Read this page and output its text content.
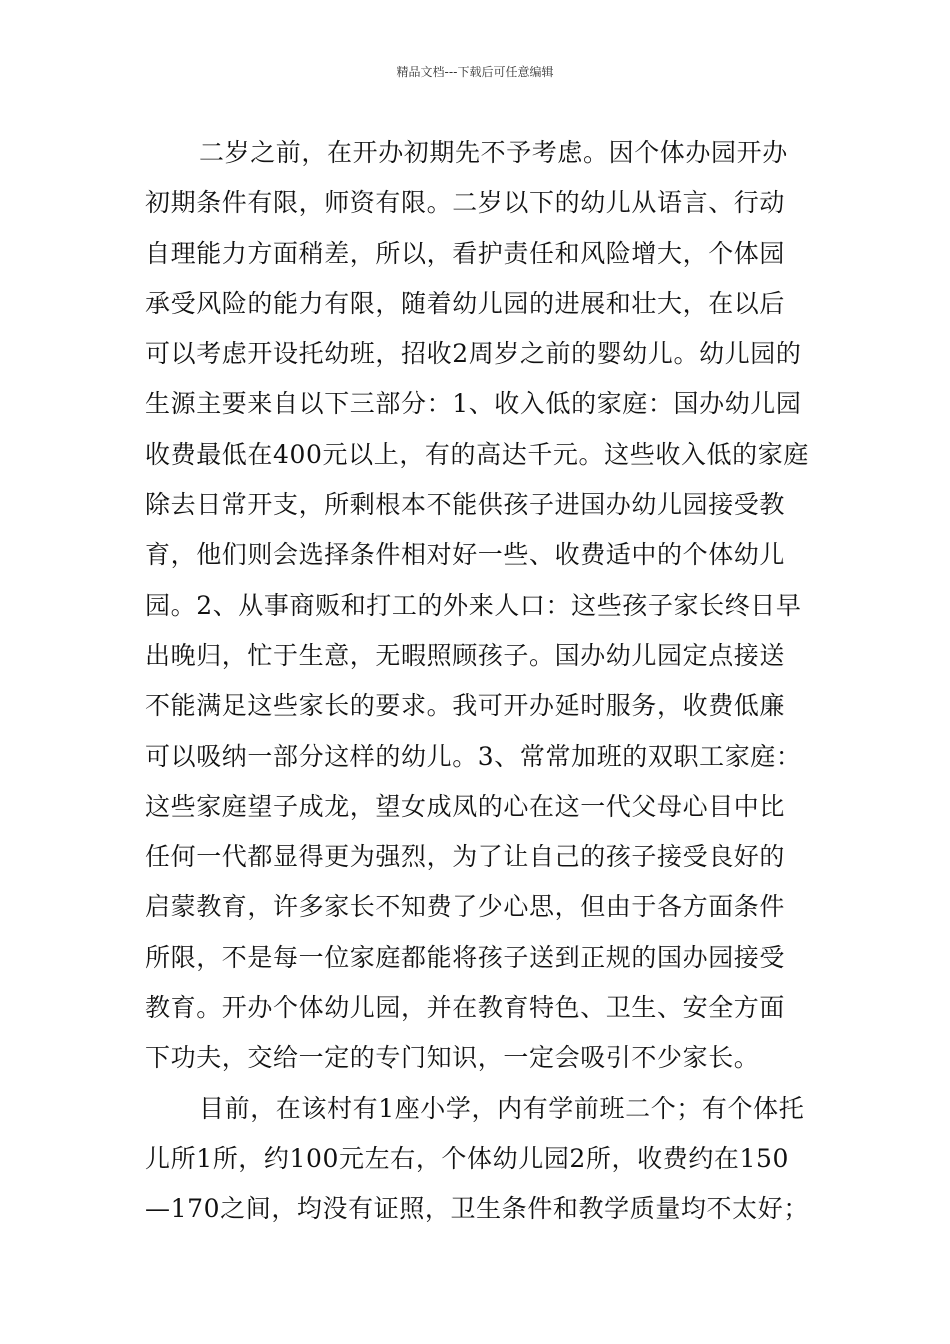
精品文档---下载后可任意编辑
二岁之前，在开办初期先不予考虑。因个体办园开办
初期条件有限，师资有限。二岁以下的幼儿从语言、行动
自理能力方面稍差，所以，看护责任和风险增大，个体园
承受风险的能力有限，随着幼儿园的进展和壮大，在以后
可以考虑开设托幼班，招收2周岁之前的婴幼儿。幼儿园的
生源主要来自以下三部分：1、收入低的家庭：国办幼儿园
收费最低在400元以上，有的高达千元。这些收入低的家庭
除去日常开支，所剩根本不能供孩子进国办幼儿园接受教
育，他们则会选择条件相对好一些、收费适中的个体幼儿
园。2、从事商贩和打工的外来人口：这些孩子家长终日早
出晚归，忙于生意，无暇照顾孩子。国办幼儿园定点接送
不能满足这些家长的要求。我可开办延时服务，收费低廉
可以吸纳一部分这样的幼儿。3、常常加班的双职工家庭：
这些家庭望子成龙，望女成凤的心在这一代父母心目中比
任何一代都显得更为强烈，为了让自己的孩子接受良好的
启蒙教育，许多家长不知费了少心思，但由于各方面条件
所限，不是每一位家庭都能将孩子送到正规的国办园接受
教育。开办个体幼儿园，并在教育特色、卫生、安全方面
下功夫，交给一定的专门知识，一定会吸引不少家长。
目前，在该村有1座小学，内有学前班二个；有个体托
儿所1所，约100元左右，个体幼儿园2所，收费约在150
—170之间，均没有证照，卫生条件和教学质量均不太好；
